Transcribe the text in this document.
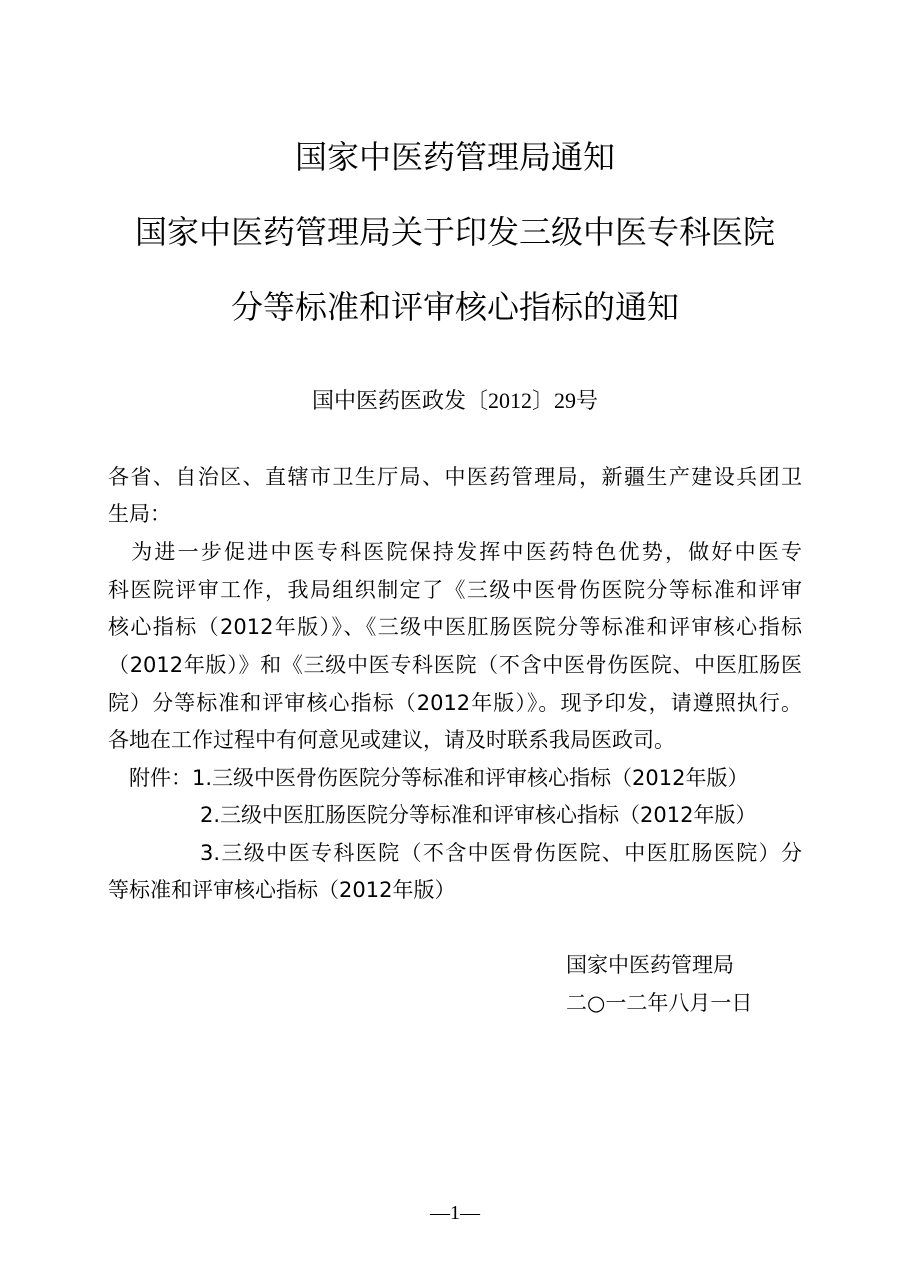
国家中医药管理局通知
国家中医药管理局关于印发三级中医专科医院
分等标准和评审核心指标的通知
国中医药医政发〔2012〕29号
各省、自治区、直辖市卫生厅局、中医药管理局，新疆生产建设兵团卫
生局：
　为进一步促进中医专科医院保持发挥中医药特色优势，做好中医专
科医院评审工作，我局组织制定了《三级中医骨伤医院分等标准和评审
核心指标（2012年版）》、《三级中医肛肠医院分等标准和评审核心指标
（2012年版）》和《三级中医专科医院（不含中医骨伤医院、中医肛肠医
院）分等标准和评审核心指标（2012年版）》。现予印发，请遵照执行。
各地在工作过程中有何意见或建议，请及时联系我局医政司。
　附件：1.三级中医骨伤医院分等标准和评审核心指标（2012年版）
2.三级中医肛肠医院分等标准和评审核心指标（2012年版）
3.三级中医专科医院（不含中医骨伤医院、中医肛肠医院）分
等标准和评审核心指标（2012年版）
国家中医药管理局
二○一二年八月一日
—1—
